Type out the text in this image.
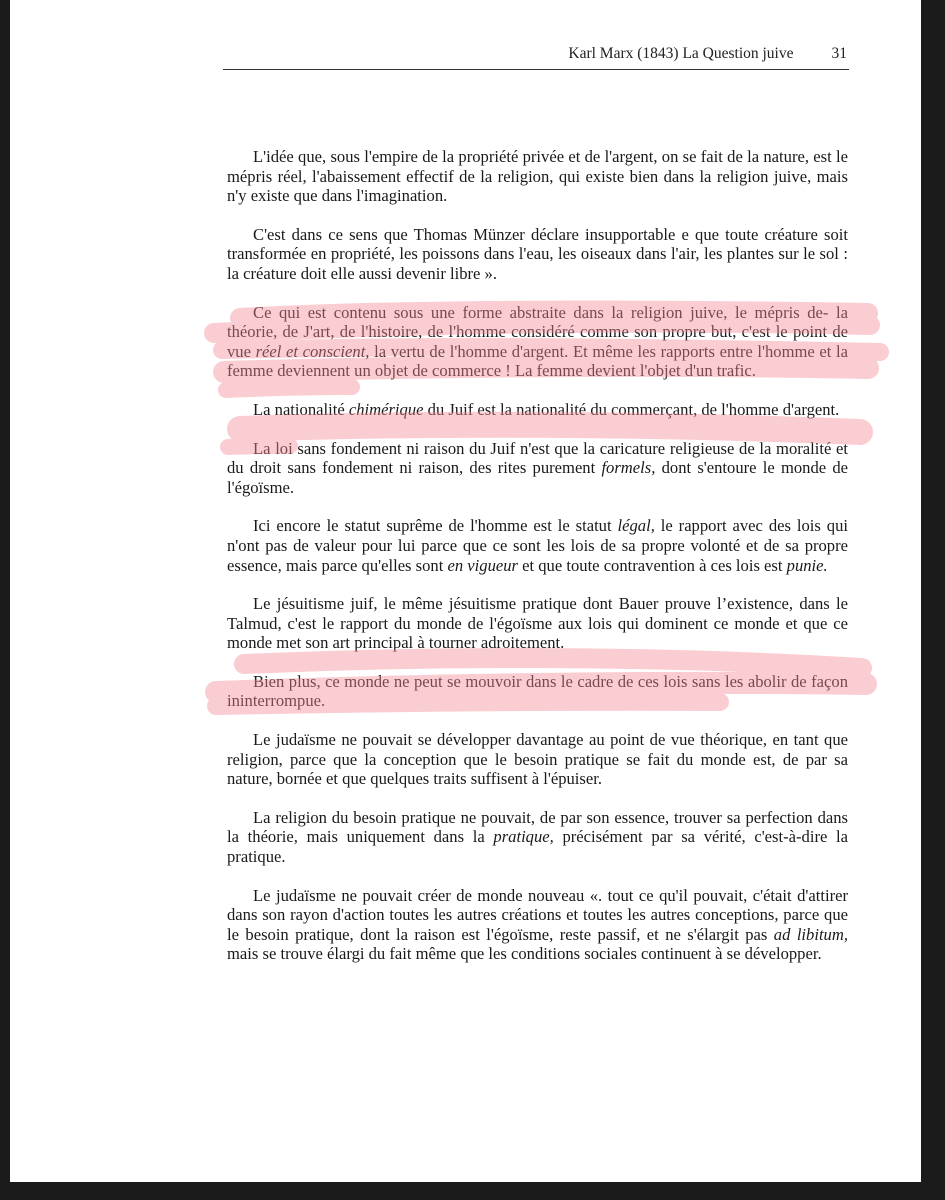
Karl Marx (1843) La Question juive 31

L'idée que, sous l'empire de la propriété privée et de l'argent, on se fait de la nature, est le mépris réel, l'abaissement effectif de la religion, qui existe bien dans la religion juive, mais n'y existe que dans l'imagination.

C'est dans ce sens que Thomas Münzer déclare insupportable e que toute créature soit transformée en propriété, les poissons dans l'eau, les oiseaux dans l'air, les plantes sur le sol : la créature doit elle aussi devenir libre ».

Ce qui est contenu sous une forme abstraite dans la religion juive, le mépris de- la théorie, de J'art, de l'histoire, de l'homme considéré comme son propre but, c'est le point de vue réel et conscient, la vertu de l'homme d'argent. Et même les rapports entre l'homme et la femme deviennent un objet de commerce ! La femme devient l'objet d'un trafic.

La nationalité chimérique du Juif est la nationalité du commerçant, de l'homme d'argent.

La loi sans fondement ni raison du Juif n'est que la caricature religieuse de la moralité et du droit sans fondement ni raison, des rites purement formels, dont s'entoure le monde de l'égoïsme.

Ici encore le statut suprême de l'homme est le statut légal, le rapport avec des lois qui n'ont pas de valeur pour lui parce que ce sont les lois de sa propre volonté et de sa propre essence, mais parce qu'elles sont en vigueur et que toute contravention à ces lois est punie.

Le jésuitisme juif, le même jésuitisme pratique dont Bauer prouve l’existence, dans le Talmud, c'est le rapport du monde de l'égoïsme aux lois qui dominent ce monde et que ce monde met son art principal à tourner adroitement.

Bien plus, ce monde ne peut se mouvoir dans le cadre de ces lois sans les abolir de façon ininterrompue.

Le judaïsme ne pouvait se développer davantage au point de vue théorique, en tant que religion, parce que la conception que le besoin pratique se fait du monde est, de par sa nature, bornée et que quelques traits suffisent à l'épuiser.

La religion du besoin pratique ne pouvait, de par son essence, trouver sa perfection dans la théorie, mais uniquement dans la pratique, précisément par sa vérité, c'est-à-dire la pratique.

Le judaïsme ne pouvait créer de monde nouveau «. tout ce qu'il pouvait, c'était d'attirer dans son rayon d'action toutes les autres créations et toutes les autres conceptions, parce que le besoin pratique, dont la raison est l'égoïsme, reste passif, et ne s'élargit pas ad libitum, mais se trouve élargi du fait même que les conditions sociales continuent à se développer.
